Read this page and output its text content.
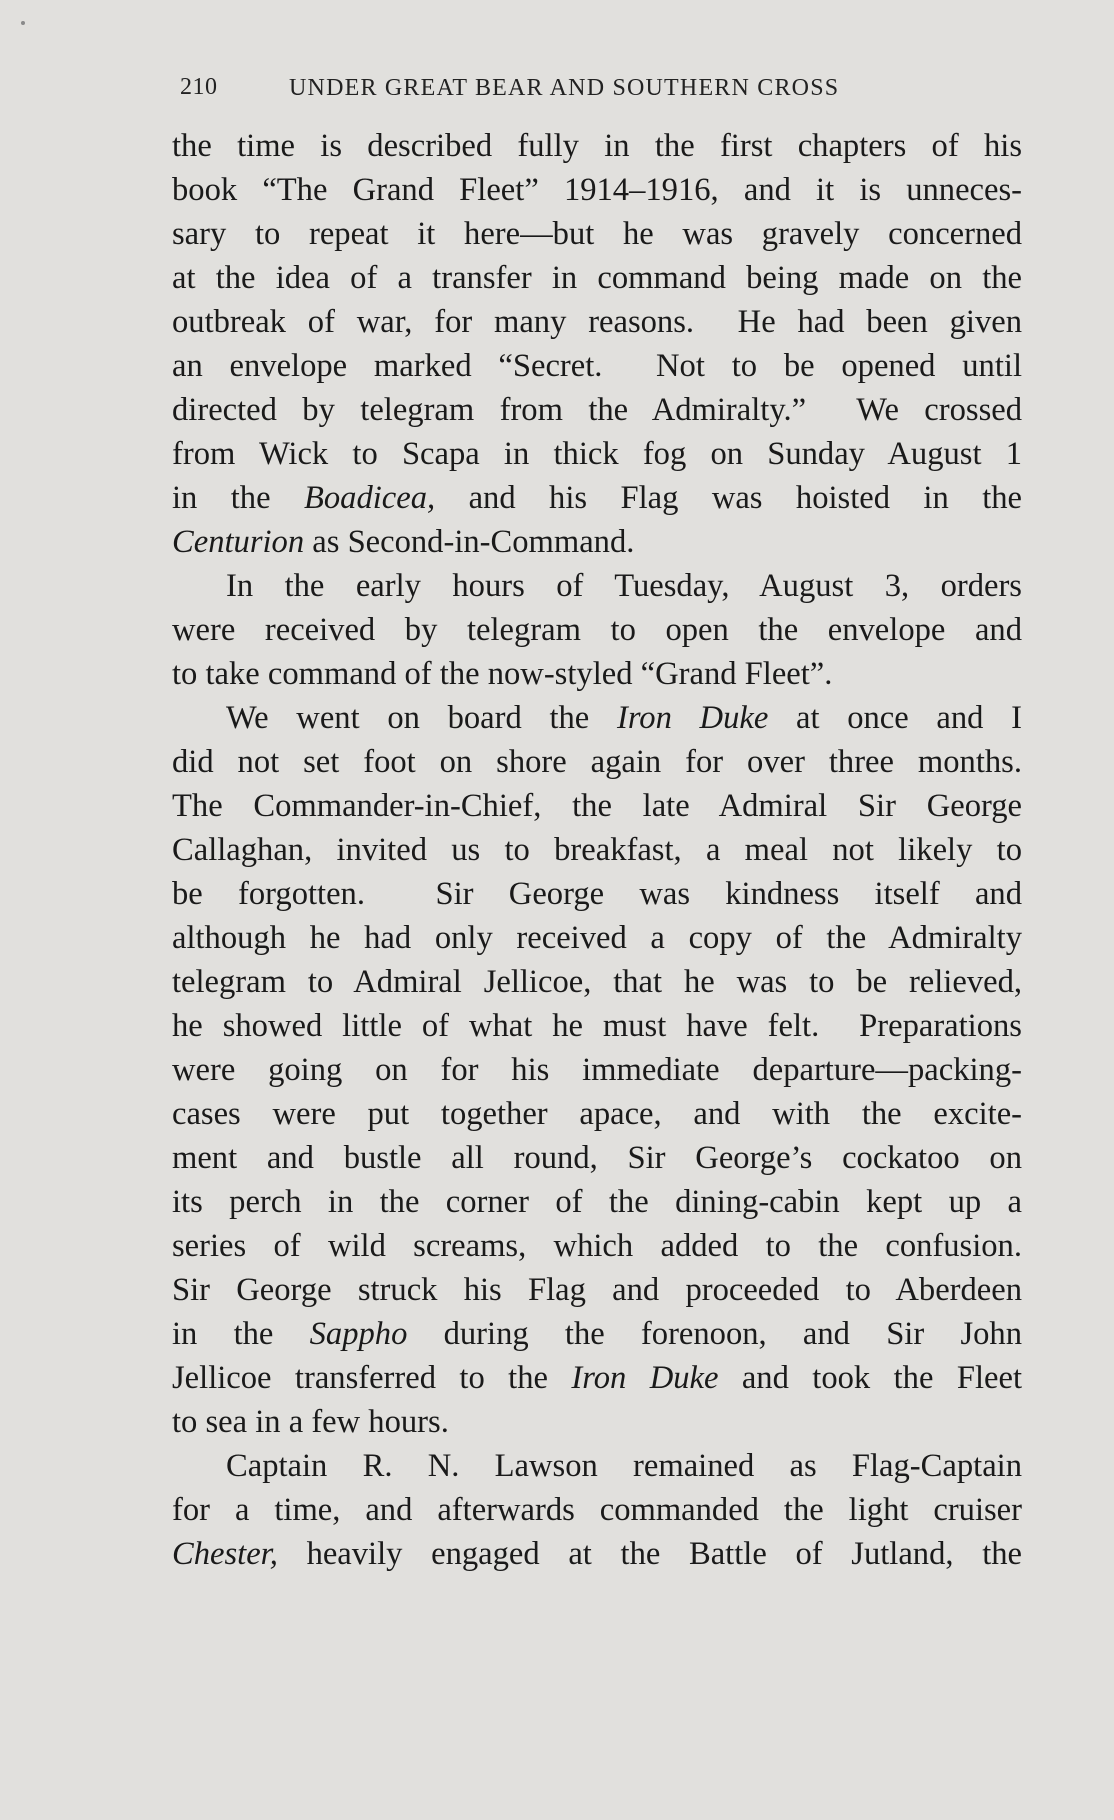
210	UNDER GREAT BEAR AND SOUTHERN CROSS
the time is described fully in the first chapters of his
book “The Grand Fleet” 1914–1916, and it is unneces-
sary to repeat it here—but he was gravely concerned
at the idea of a transfer in command being made on the
outbreak of war, for many reasons.  He had been given
an envelope marked “Secret.  Not to be opened until
directed by telegram from the Admiralty.”  We crossed
from Wick to Scapa in thick fog on Sunday August 1
in the Boadicea, and his Flag was hoisted in the
Centurion as Second-in-Command.
In the early hours of Tuesday, August 3, orders
were received by telegram to open the envelope and
to take command of the now-styled “Grand Fleet”.
We went on board the Iron Duke at once and I
did not set foot on shore again for over three months.
The Commander-in-Chief, the late Admiral Sir George
Callaghan, invited us to breakfast, a meal not likely to
be forgotten.  Sir George was kindness itself and
although he had only received a copy of the Admiralty
telegram to Admiral Jellicoe, that he was to be relieved,
he showed little of what he must have felt.  Preparations
were going on for his immediate departure—packing-
cases were put together apace, and with the excite-
ment and bustle all round, Sir George’s cockatoo on
its perch in the corner of the dining-cabin kept up a
series of wild screams, which added to the confusion.
Sir George struck his Flag and proceeded to Aberdeen
in the Sappho during the forenoon, and Sir John
Jellicoe transferred to the Iron Duke and took the Fleet
to sea in a few hours.
Captain R. N. Lawson remained as Flag-Captain
for a time, and afterwards commanded the light cruiser
Chester, heavily engaged at the Battle of Jutland, the
